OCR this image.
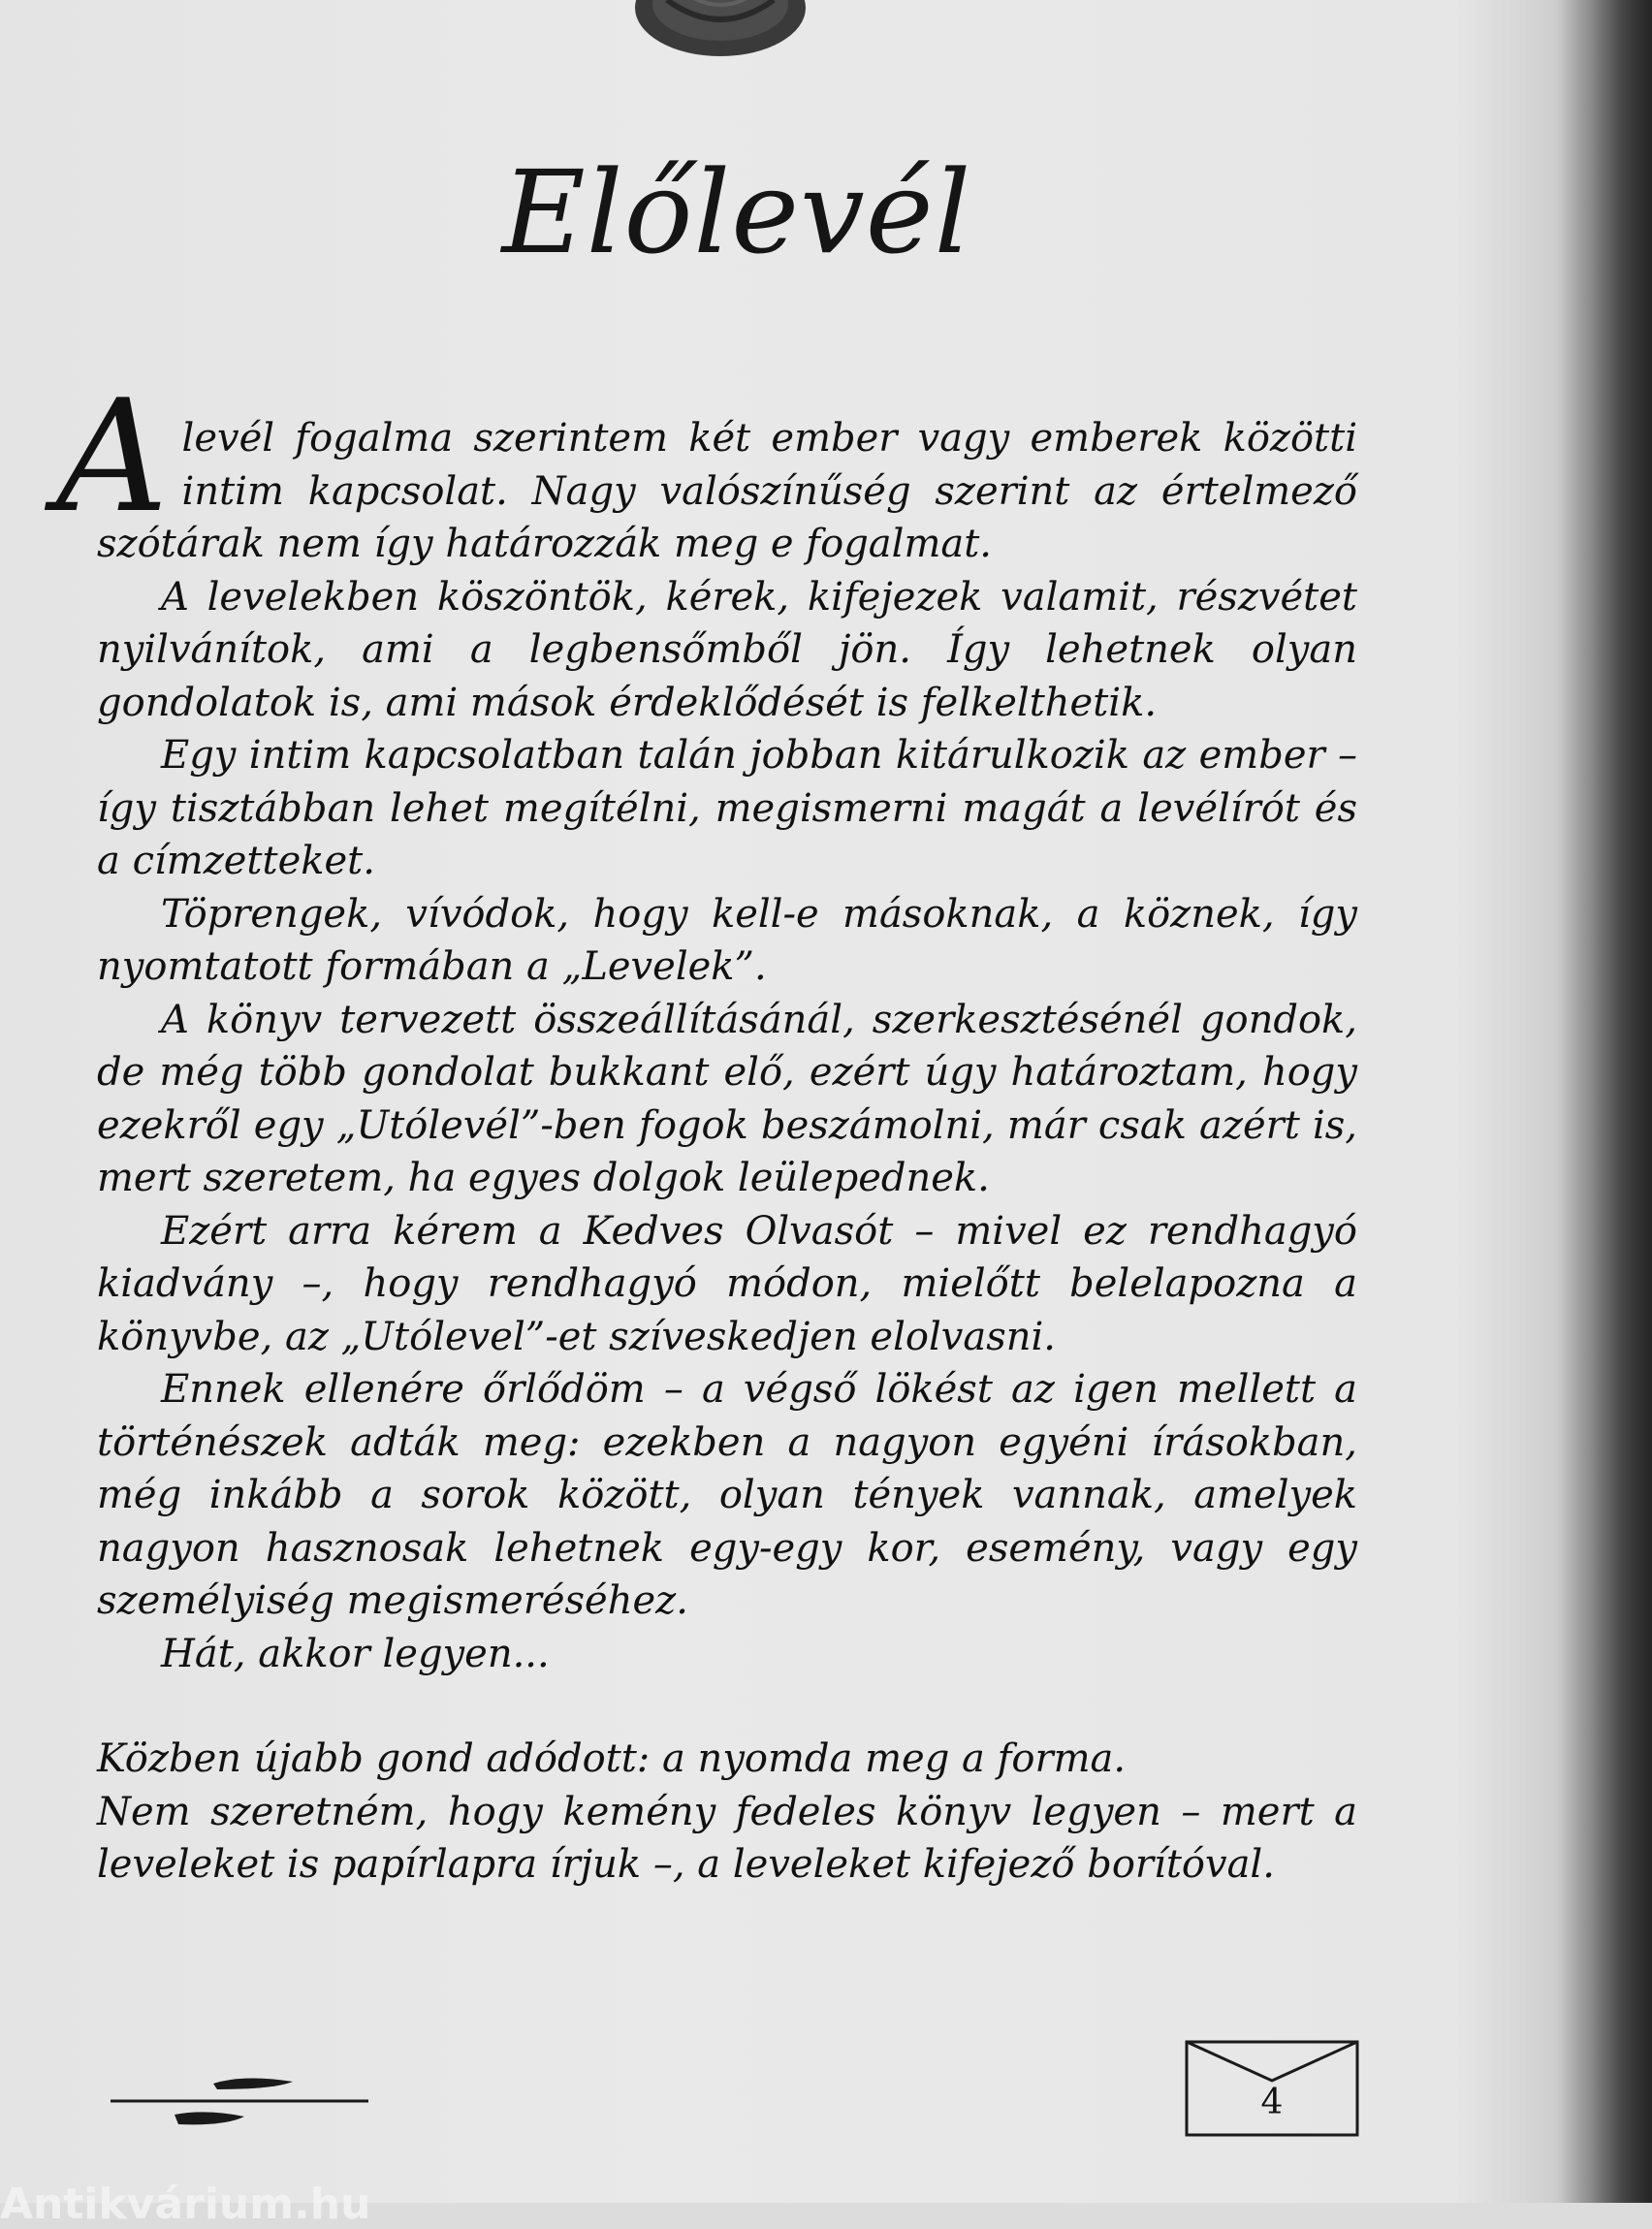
Előlevél

Alevél fogalma szerintem két ember vagy emberek közötti intim kapcsolat. Nagy valószínűség szerint az értelmező szótárak nem így határozzák meg e fogalmat.

A levelekben köszöntök, kérek, kifejezek valamit, részvétet nyilvánítok, ami a legbensőmből jön. Így lehetnek olyan gondolatok is, ami mások érdeklődését is felkelthetik.

Egy intim kapcsolatban talán jobban kitárulkozik az ember – így tisztábban lehet megítélni, megismerni magát a levélírót és a címzetteket.

Töprengek, vívódok, hogy kell-e másoknak, a köznek, így nyomtatott formában a „Levelek”.

A könyv tervezett összeállításánál, szerkesztésénél gondok, de még több gondolat bukkant elő, ezért úgy határoztam, hogy ezekről egy „Utólevél”-ben fogok beszámolni, már csak azért is, mert szeretem, ha egyes dolgok leülepednek.

Ezért arra kérem a Kedves Olvasót – mivel ez rendhagyó kiadvány –, hogy rendhagyó módon, mielőtt belelapozna a könyvbe, az „Utólevel”-et szíveskedjen elolvasni.

Ennek ellenére őrlődöm – a végső lökést az igen mellett a történészek adták meg: ezekben a nagyon egyéni írásokban, még inkább a sorok között, olyan tények vannak, amelyek nagyon hasznosak lehetnek egy-egy kor, esemény, vagy egy személyiség megismeréséhez.

Hát, akkor legyen...

Közben újabb gond adódott: a nyomda meg a forma.

Nem szeretném, hogy kemény fedeles könyv legyen – mert a leveleket is papírlapra írjuk –, a leveleket kifejező borítóval.

4
Antikvárium.hu
